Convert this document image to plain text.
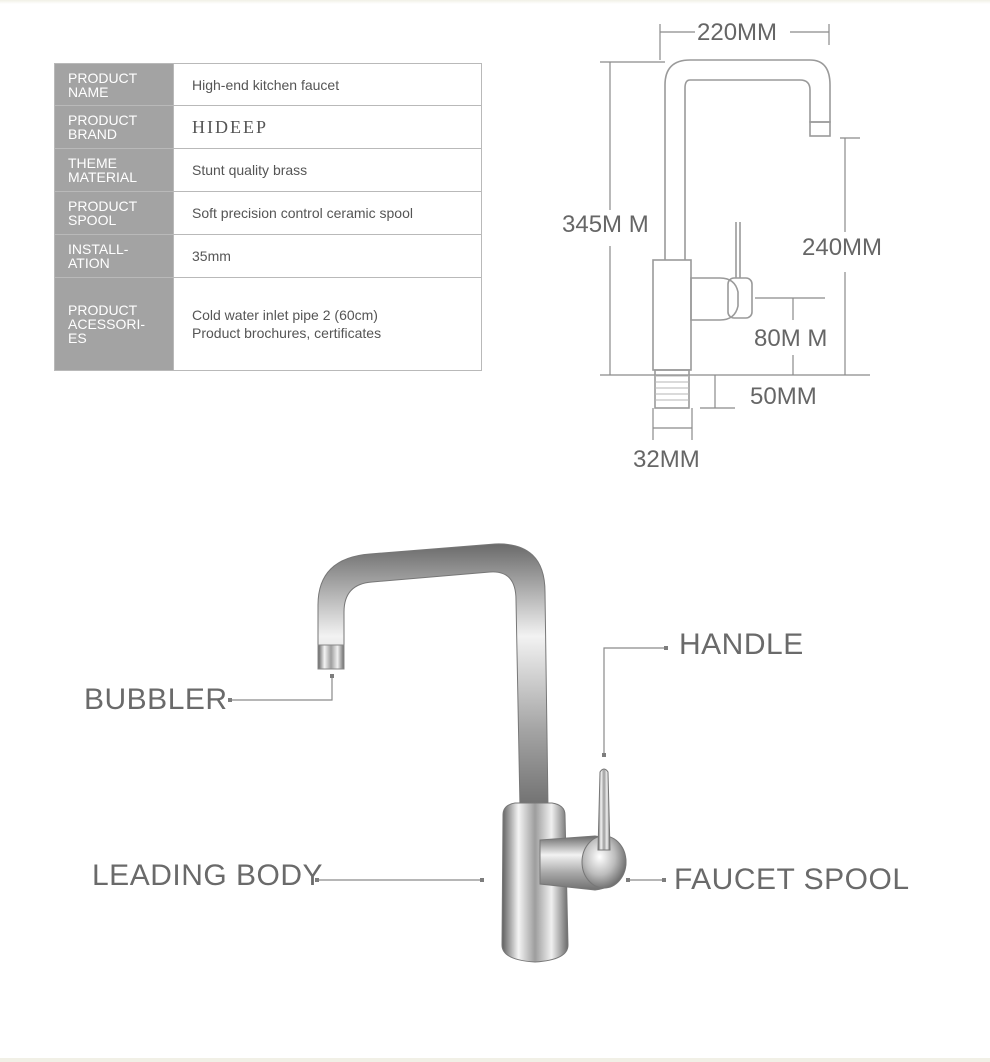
PRODUCT
NAME	High-end kitchen faucet
PRODUCT
BRAND	HIDEEP
THEME
MATERIAL	Stunt quality brass
PRODUCT
SPOOL	Soft precision control ceramic spool
INSTALL-
ATION	35mm
PRODUCT
ACESSORI-
ES	Cold water inlet pipe 2 (60cm)
Product brochures, certificates
220MM
345M M
240MM
80M M
50MM
32MM
BUBBLER
HANDLE
LEADING BODY	FAUCET SPOOL
